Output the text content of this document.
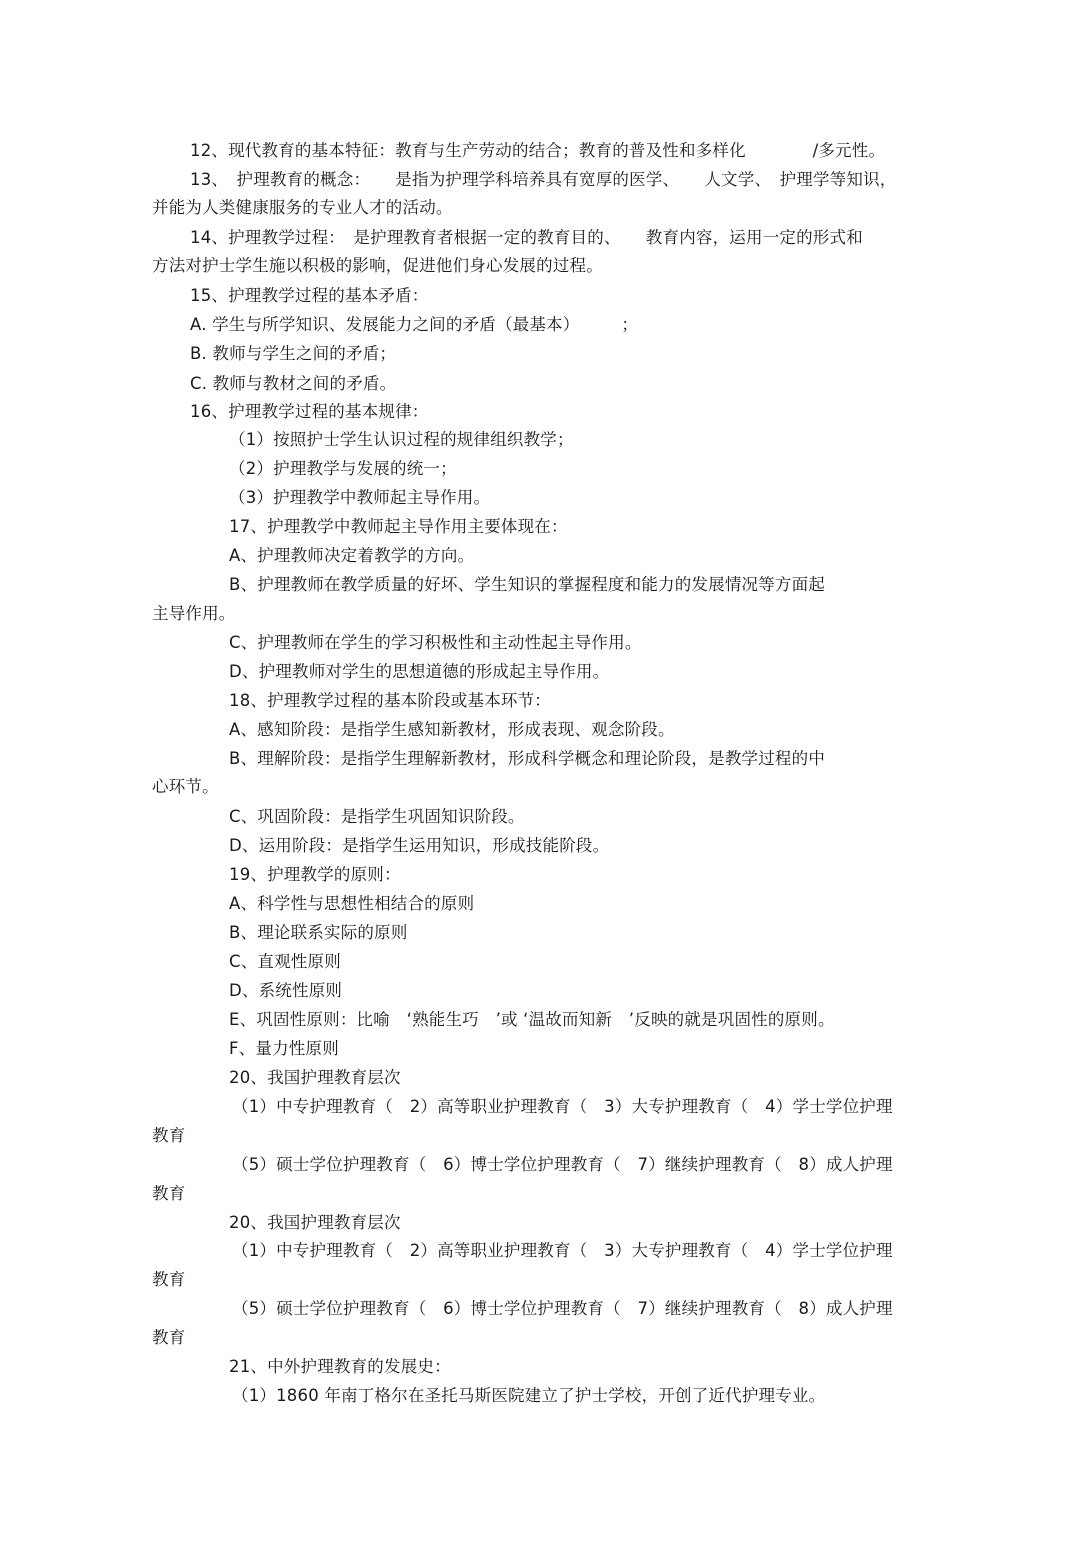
12、现代教育的基本特征：教育与生产劳动的结合；教育的普及性和多样化　　　　/多元性。
13、　护理教育的概念：　　是指为护理学科培养具有宽厚的医学、　　人文学、　护理学等知识，
并能为人类健康服务的专业人才的活动。
14、护理教学过程：　是护理教育者根据一定的教育目的、　　教育内容，运用一定的形式和
方法对护士学生施以积极的影响，促进他们身心发展的过程。
15、护理教学过程的基本矛盾：
A. 学生与所学知识、发展能力之间的矛盾（最基本）　　　；
B. 教师与学生之间的矛盾；
C. 教师与教材之间的矛盾。
16、护理教学过程的基本规律：
（1）按照护士学生认识过程的规律组织教学；
（2）护理教学与发展的统一；
（3）护理教学中教师起主导作用。
17、护理教学中教师起主导作用主要体现在：
A、护理教师决定着教学的方向。
B、护理教师在教学质量的好坏、学生知识的掌握程度和能力的发展情况等方面起
主导作用。
C、护理教师在学生的学习积极性和主动性起主导作用。
D、护理教师对学生的思想道德的形成起主导作用。
18、护理教学过程的基本阶段或基本环节：
A、感知阶段：是指学生感知新教材，形成表现、观念阶段。
B、理解阶段：是指学生理解新教材，形成科学概念和理论阶段，是教学过程的中
心环节。
C、巩固阶段：是指学生巩固知识阶段。
D、运用阶段：是指学生运用知识，形成技能阶段。
19、护理教学的原则：
A、科学性与思想性相结合的原则
B、理论联系实际的原则
C、直观性原则
D、系统性原则
E、巩固性原则：比喻　‘熟能生巧　’或 ‘温故而知新　’反映的就是巩固性的原则。
F、量力性原则
20、我国护理教育层次
（1）中专护理教育（　2）高等职业护理教育（　3）大专护理教育（　4）学士学位护理
教育
（5）硕士学位护理教育（　6）博士学位护理教育（　7）继续护理教育（　8）成人护理
教育
20、我国护理教育层次
（1）中专护理教育（　2）高等职业护理教育（　3）大专护理教育（　4）学士学位护理
教育
（5）硕士学位护理教育（　6）博士学位护理教育（　7）继续护理教育（　8）成人护理
教育
21、中外护理教育的发展史：
（1）1860 年南丁格尔在圣托马斯医院建立了护士学校，开创了近代护理专业。
